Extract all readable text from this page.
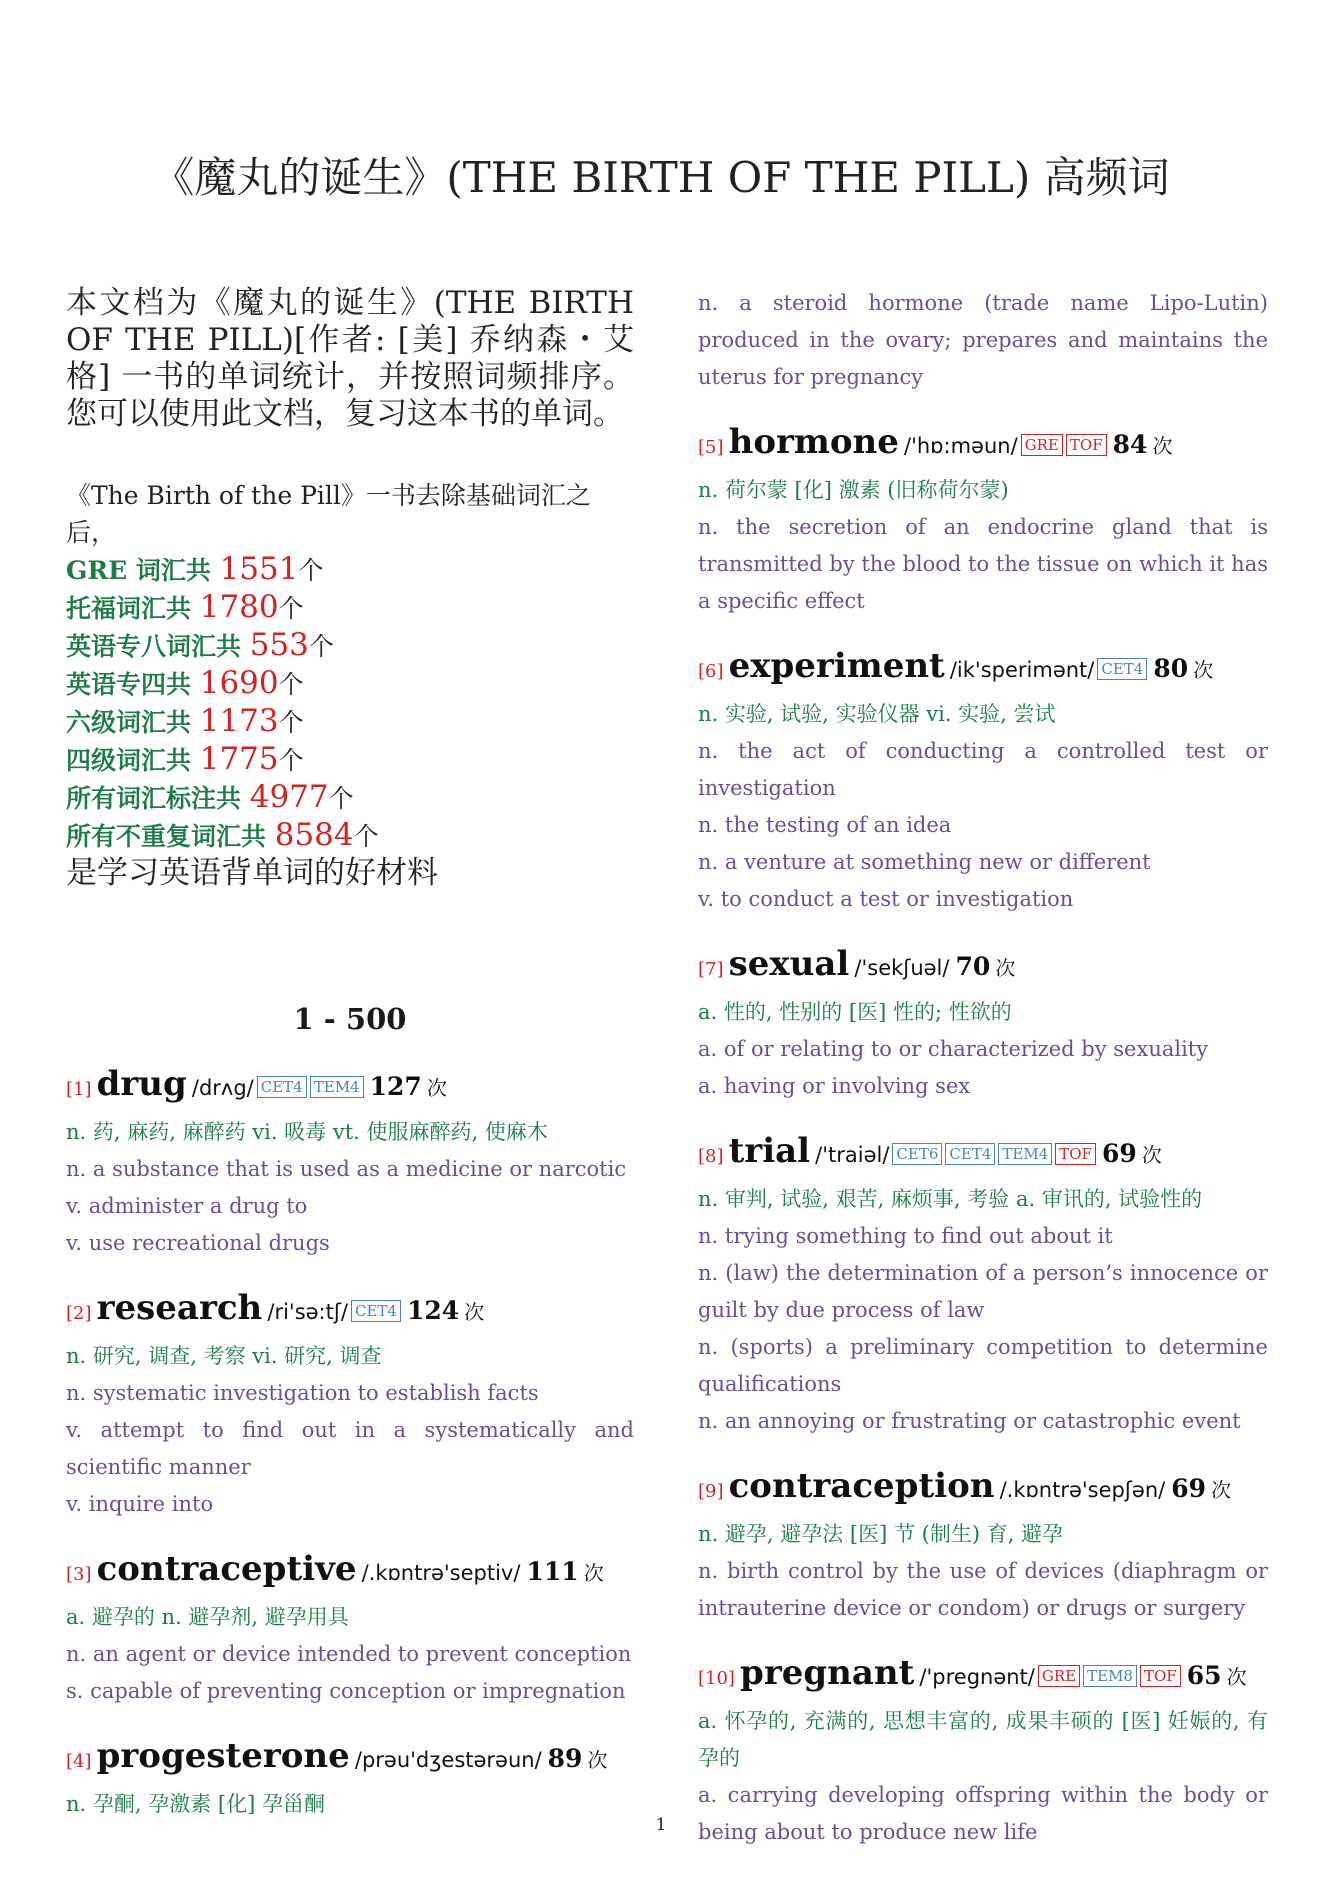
《魔丸的诞生》(THE BIRTH OF THE PILL) 高频词
本文档为《魔丸的诞生》(THE BIRTH OF THE PILL)[作者: [美] 乔纳森・艾格] 一书的单词统计，并按照词频排序。您可以使用此文档，复习这本书的单词。
《The Birth of the Pill》一书去除基础词汇之后，
GRE 词汇共 1551个
托福词汇共 1780个
英语专八词汇共 553个
英语专四共 1690个
六级词汇共 1173个
四级词汇共 1775个
所有词汇标注共 4977个
所有不重复词汇共 8584个
是学习英语背单词的好材料
1 - 500
[1] drug /drʌg/ CET4 TEM4 127 次
n. 药, 麻药, 麻醉药 vi. 吸毒 vt. 使服麻醉药, 使麻木
n. a substance that is used as a medicine or narcotic
v. administer a drug to
v. use recreational drugs
[2] research /ri'sə:tʃ/ CET4 124 次
n. 研究, 调查, 考察 vi. 研究, 调查
n. systematic investigation to establish facts
v. attempt to find out in a systematically and scientific manner
v. inquire into
[3] contraceptive /.kɒntrə'septiv/ 111 次
a. 避孕的 n. 避孕剂, 避孕用具
n. an agent or device intended to prevent conception
s. capable of preventing conception or impregnation
[4] progesterone /prəu'dʒestərəun/ 89 次
n. 孕酮, 孕激素 [化] 孕甾酮
n. a steroid hormone (trade name Lipo-Lutin) produced in the ovary; prepares and maintains the uterus for pregnancy
[5] hormone /'hɒ:məun/ GRE TOF 84 次
n. 荷尔蒙 [化] 激素 (旧称荷尔蒙)
n. the secretion of an endocrine gland that is transmitted by the blood to the tissue on which it has a specific effect
[6] experiment /ik'sperimənt/ CET4 80 次
n. 实验, 试验, 实验仪器 vi. 实验, 尝试
n. the act of conducting a controlled test or investigation
n. the testing of an idea
n. a venture at something new or different
v. to conduct a test or investigation
[7] sexual /'sekʃuəl/ 70 次
a. 性的, 性别的 [医] 性的; 性欲的
a. of or relating to or characterized by sexuality
a. having or involving sex
[8] trial /'traiəl/ CET6 CET4 TEM4 TOF 69 次
n. 审判, 试验, 艰苦, 麻烦事, 考验 a. 审讯的, 试验性的
n. trying something to find out about it
n. (law) the determination of a person’s innocence or guilt by due process of law
n. (sports) a preliminary competition to determine qualifications
n. an annoying or frustrating or catastrophic event
[9] contraception /.kɒntrə'sepʃən/ 69 次
n. 避孕, 避孕法 [医] 节 (制生) 育, 避孕
n. birth control by the use of devices (diaphragm or intrauterine device or condom) or drugs or surgery
[10] pregnant /'pregnənt/ GRE TEM8 TOF 65 次
a. 怀孕的, 充满的, 思想丰富的, 成果丰硕的 [医] 妊娠的, 有孕的
a. carrying developing offspring within the body or being about to produce new life
1
